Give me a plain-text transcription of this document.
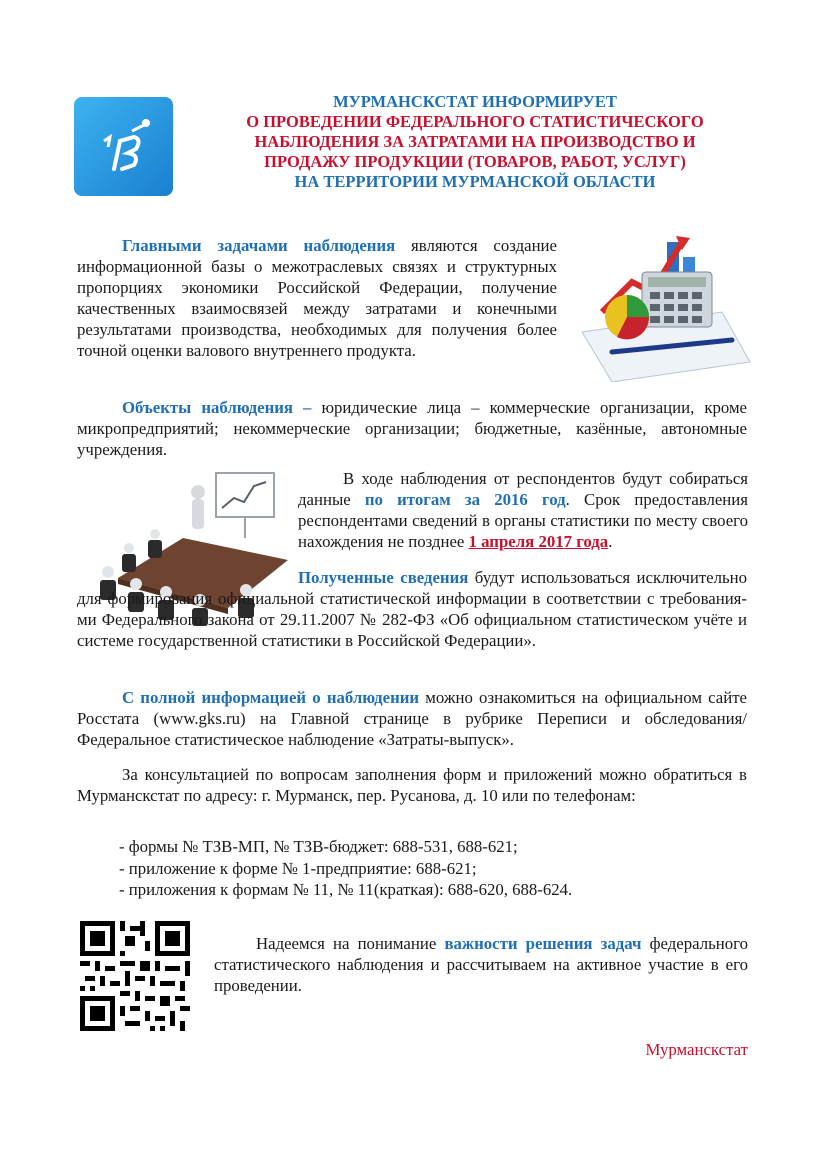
МУРМАНСКСТАТ ИНФОРМИРУЕТ
О ПРОВЕДЕНИИ ФЕДЕРАЛЬНОГО СТАТИСТИЧЕСКОГО
НАБЛЮДЕНИЯ ЗА ЗАТРАТАМИ НА ПРОИЗВОДСТВО И
ПРОДАЖУ ПРОДУКЦИИ (ТОВАРОВ, РАБОТ, УСЛУГ)
НА ТЕРРИТОРИИ МУРМАНСКОЙ ОБЛАСТИ
Главными задачами наблюдения являются создание информационной базы о межотраслевых связях и структурных пропорциях экономики Российской Федерации, получение качественных взаимосвязей между затратами и конечными результатами производства, необходимых для получения более точной оценки валового внутреннего продукта.
Объекты наблюдения – юридические лица – коммерческие организации, кроме микропредприятий; некоммерческие организации; бюджетные, казённые, автономные учреждения.
В ходе наблюдения от респондентов будут собираться данные по итогам за 2016 год. Срок предоставления респондентами сведений в органы статистики по месту своего нахождения не позднее 1 апреля 2017 года.
Полученные сведения будут использоваться исключительно для формирования официальной статистической информации в соответствии с требования-ми Федерального закона от 29.11.2007 № 282-ФЗ «Об официальном статистическом учёте и системе государственной статистики в Российской Федерации».
С полной информацией о наблюдении можно ознакомиться на официальном сайте Росстата (www.gks.ru) на Главной странице в рубрике Переписи и обследования/ Федеральное статистическое наблюдение «Затраты-выпуск».
За консультацией по вопросам заполнения форм и приложений можно обратиться в Мурманскстат по адресу: г. Мурманск, пер. Русанова, д. 10 или по телефонам:
- формы № ТЗВ-МП, № ТЗВ-бюджет: 688-531, 688-621;
- приложение к форме № 1-предприятие: 688-621;
- приложения к формам № 11, № 11(краткая): 688-620, 688-624.
Надеемся на понимание важности решения задач федерального статистического наблюдения и рассчитываем на активное участие в его проведении.
Мурманскстат
